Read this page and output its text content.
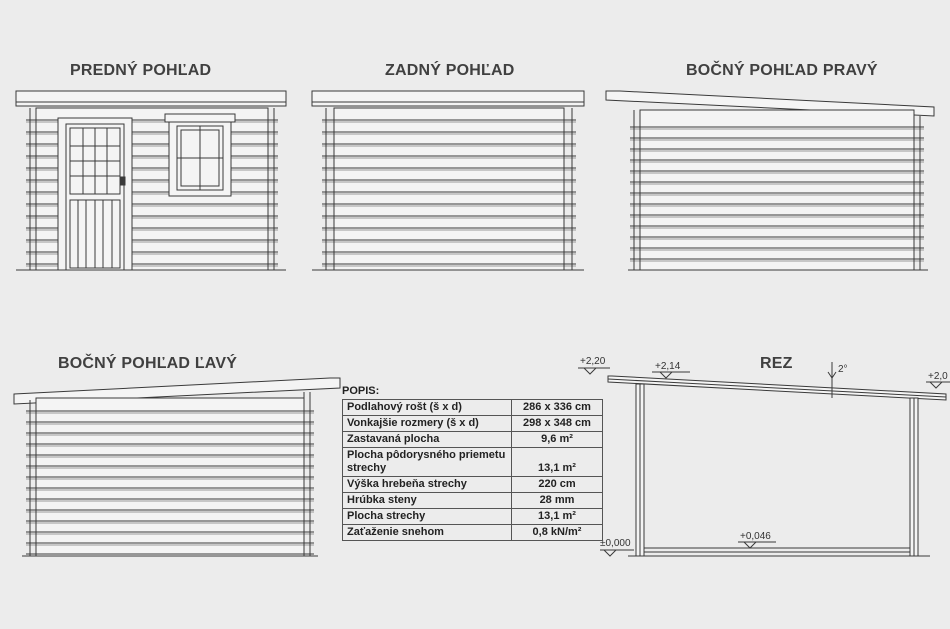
PREDNÝ POHĽAD	ZADNÝ POHĽAD	BOČNÝ POHĽAD PRAVÝ
BOČNÝ POHĽAD ĽAVÝ	REZ
+2,20	+2,14
+2,0
2°
+0,046
±0,000
POPIS:
Podlahový rošt (š x d)	286 x 336 cm
Vonkajšie rozmery (š x d)	298 x 348 cm
Zastavaná plocha	9,6 m²
Plocha pôdorysného priemetu strechy	13,1 m²
Výška hrebeňa strechy	220 cm
Hrúbka steny	28 mm
Plocha strechy	13,1 m²
Zaťaženie snehom	0,8 kN/m²
